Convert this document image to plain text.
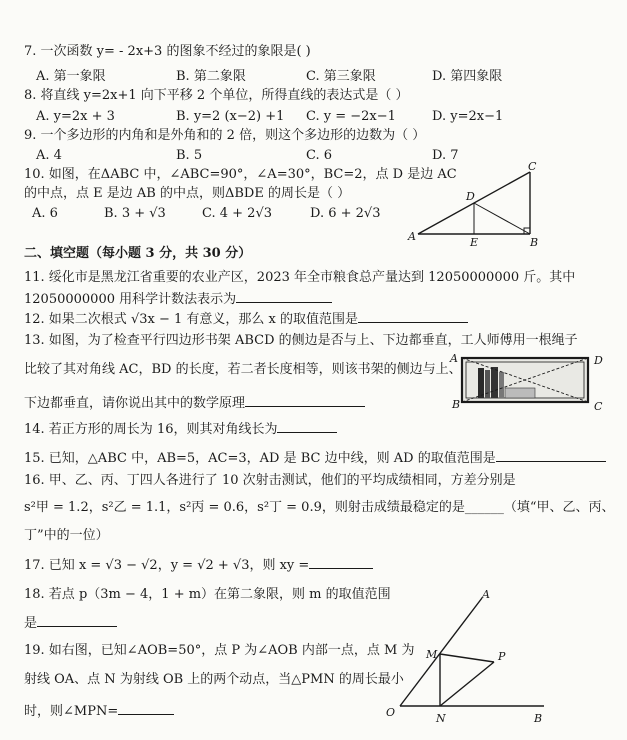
7. 一次函数 y= - 2x+3 的图象不经过的象限是( )
A. 第一象限	B. 第二象限	C. 第三象限	D. 第四象限
8. 将直线 y=2x+1 向下平移 2 个单位，所得直线的表达式是（ ）
A. y=2x + 3	B. y=2 (x−2) +1 C. y = −2x−1	D. y=2x−1
9. 一个多边形的内角和是外角和的 2 倍，则这个多边形的边数为（ ）
A. 4	B. 5	C. 6	D. 7
10. 如图，在ΔABC 中，∠ABC=90°，∠A=30°，BC=2，点 D 是边 AC
的中点，点 E 是边 AB 的中点，则ΔBDE 的周长是（ ）
A. 6	B. 3 + √3	C. 4 + 2√3	D. 6 + 2√3
A	B
C
D
E
二、填空题（每小题 3 分，共 30 分）
11. 绥化市是黑龙江省重要的农业产区，2023 年全市粮食总产量达到 12050000000 斤。其中
12050000000 用科学计数法表示为
12. 如果二次根式 √3x − 1 有意义，那么 x 的取值范围是
13. 如图，为了检查平行四边形书架 ABCD 的侧边是否与上、下边都垂直，工人师傅用一根绳子
比较了其对角线 AC，BD 的长度，若二者长度相等，则该书架的侧边与上、
下边都垂直，请你说出其中的数学原理
A
B	C
D
14. 若正方形的周长为 16，则其对角线长为
15. 已知，△ABC 中，AB=5，AC=3，AD 是 BC 边中线，则 AD 的取值范围是
16. 甲、乙、丙、丁四人各进行了 10 次射击测试，他们的平均成绩相同，方差分别是
s²甲 = 1.2，s²乙 = 1.1，s²丙 = 0.6，s²丁 = 0.9，则射击成绩最稳定的是______（填“甲、乙、丙、
丁”中的一位）
17. 已知 x = √3 − √2，y = √2 + √3，则 xy =
18. 若点 p（3m − 4，1 + m）在第二象限，则 m 的取值范围
是
19. 如右图，已知∠AOB=50°，点 P 为∠AOB 内部一点，点 M 为
射线 OA、点 N 为射线 OB 上的两个动点，当△PMN 的周长最小
时，则∠MPN=
A
B
O
M
N
P
